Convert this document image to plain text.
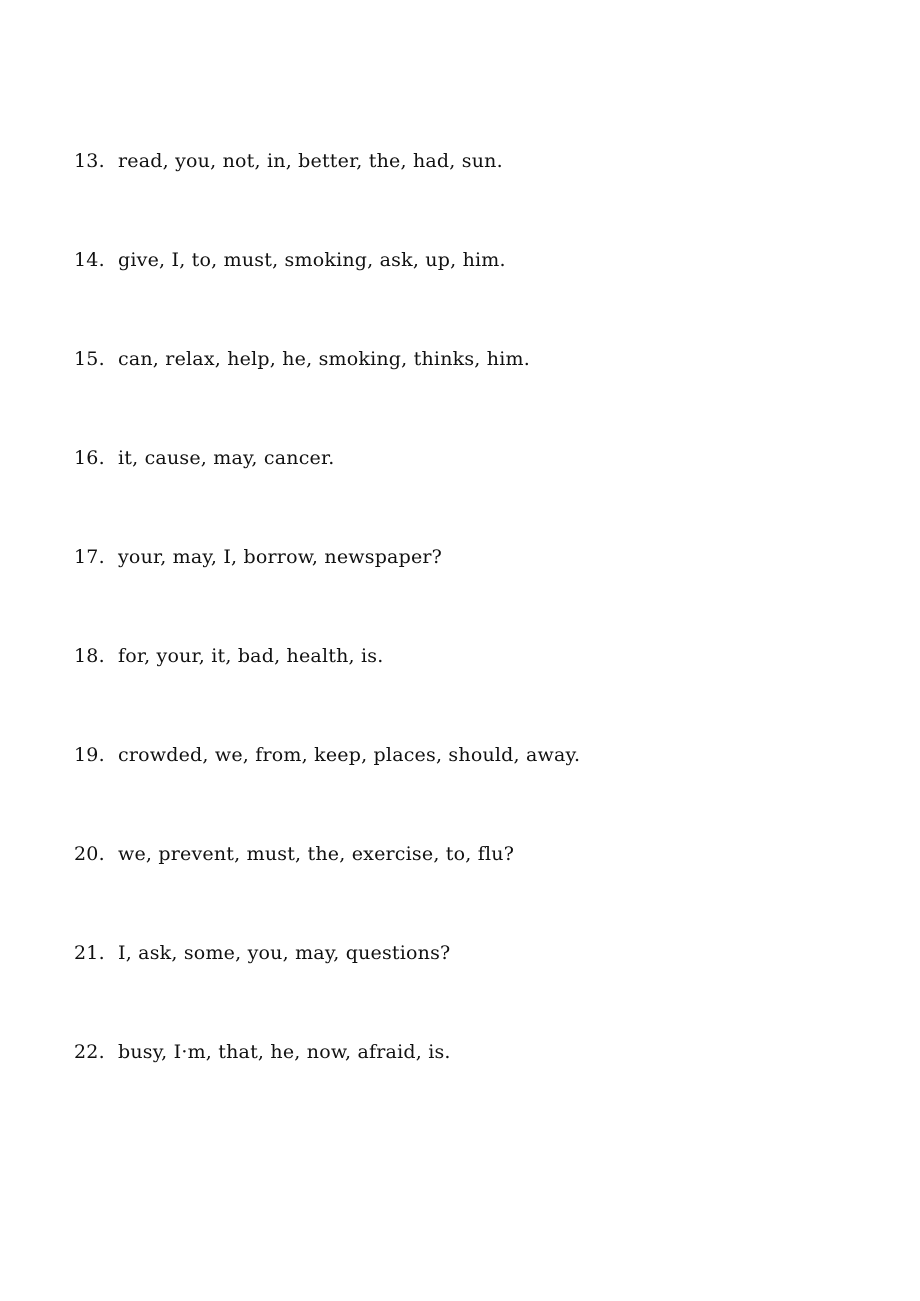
13. read, you, not, in, better, the, had, sun.
14. give, I, to, must, smoking, ask, up, him.
15. can, relax, help, he, smoking, thinks, him.
16. it, cause, may, cancer.
17. your, may, I, borrow, newspaper?
18. for, your, it, bad, health, is.
19. crowded, we, from, keep, places, should, away.
20. we, prevent, must, the, exercise, to, flu?
21. I, ask, some, you, may, questions?
22. busy, I·m, that, he, now, afraid, is.
